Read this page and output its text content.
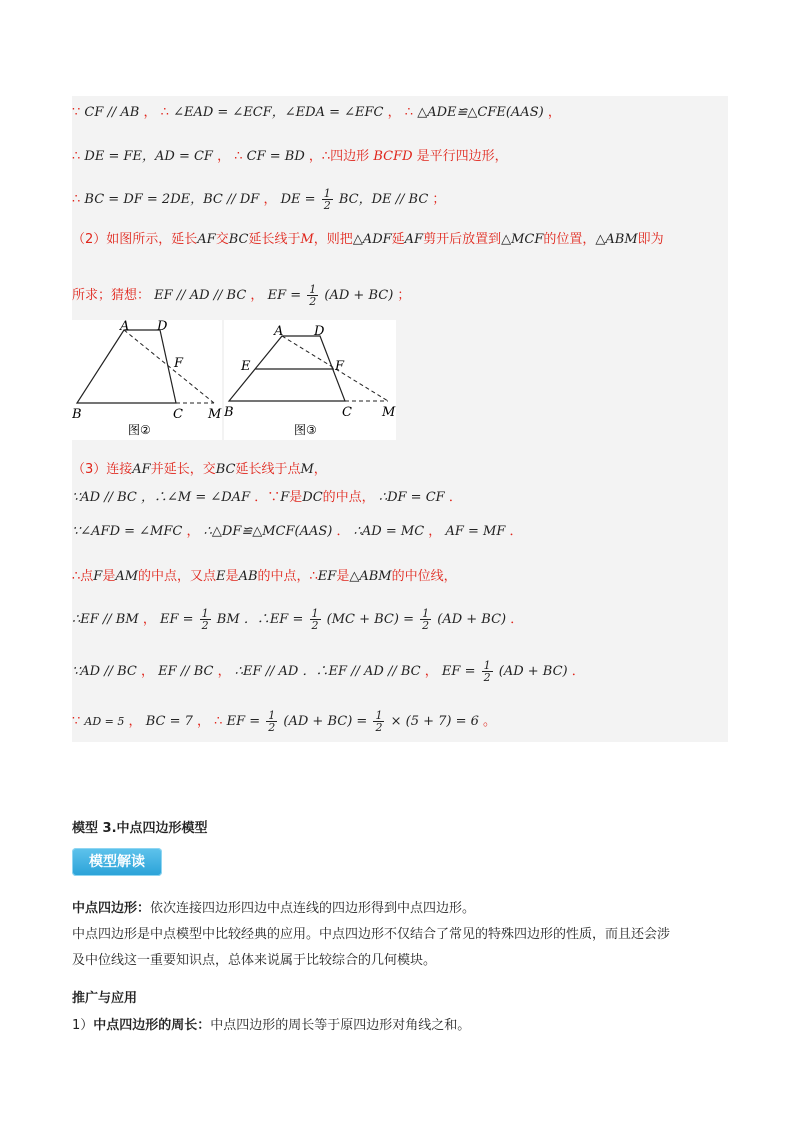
∵ CF // AB ， ∴ ∠EAD = ∠ECF，∠EDA = ∠EFC ， ∴ △ADE≌△CFE(AAS) ，
∴ DE = FE，AD = CF ， ∴ CF = BD ，∴四边形 BCFD 是平行四边形，
∴ BC = DF = 2DE，BC // DF ， DE = $\frac{1}{2}$ BC，DE // BC ；
（2）如图所示，延长AF交BC延长线于M，则把△ADF延AF剪开后放置到△MCF的位置，△ABM即为
所求；猜想： EF // AD // BC ， EF = $\frac{1}{2} (AD + BC)$ ；
A D
F
B	C M
图②
A D
E	F
B	C M
图③
（3）连接AF并延长，交BC延长线于点M，
∵AD // BC ，∴∠M = ∠DAF ．∵F是DC的中点， ∴DF = CF ．
∵∠AFD = ∠MFC ， ∴△DF≌△MCF(AAS) ． ∴AD = MC ， AF = MF ．
∴点F是AM的中点，又点E是AB的中点，∴EF是△ABM的中位线，
∴EF // BM ， EF = $\frac{1}{2}$ BM ．∴EF = $\frac{1}{2} (MC + BC) = \frac{1}{2} (AD + BC)$ ．
∵AD // BC ， EF // BC ， ∴EF // AD ．∴EF // AD // BC ， EF = $\frac{1}{2} (AD + BC)$ ．
∵ AD = 5 ， BC = 7 ， ∴ EF = $\frac{1}{2} (AD + BC) = \frac{1}{2} \times (5 + 7) = 6$ 。
模型 3.中点四边形模型
模型解读
中点四边形：依次连接四边形四边中点连线的四边形得到中点四边形。
中点四边形是中点模型中比较经典的应用。中点四边形不仅结合了常见的特殊四边形的性质，而且还会涉
及中位线这一重要知识点，总体来说属于比较综合的几何模块。
推广与应用
1）中点四边形的周长：中点四边形的周长等于原四边形对角线之和。
